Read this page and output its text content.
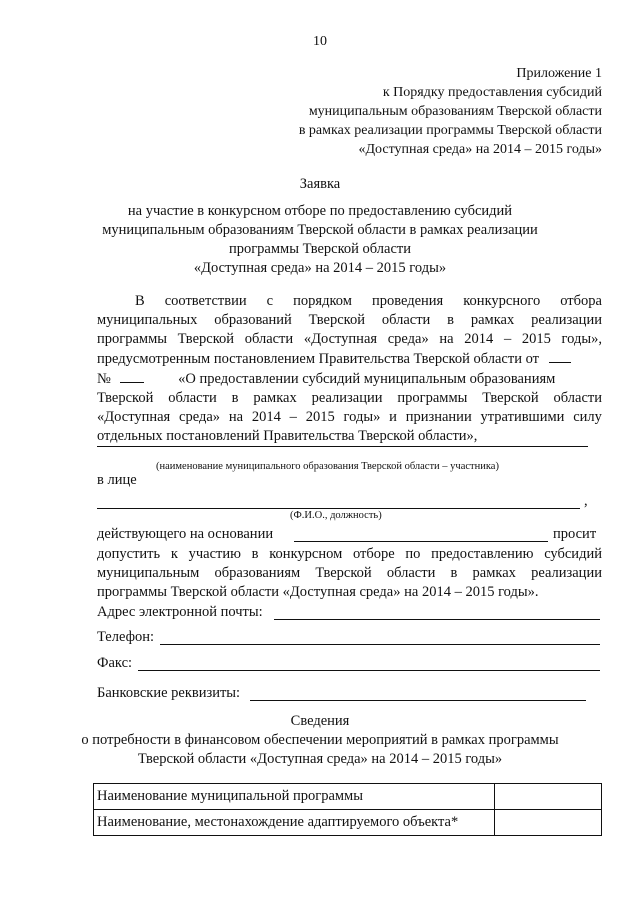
10
Приложение 1
к Порядку предоставления субсидий
муниципальным образованиям Тверской области
в рамках реализации программы Тверской области
«Доступная среда» на 2014 – 2015 годы»
Заявка
на участие в конкурсном отборе по предоставлению субсидий
муниципальным образованиям Тверской области в рамках реализации
программы Тверской области
«Доступная среда» на 2014 – 2015 годы»
В соответствии с порядком проведения конкурсного отбора
муниципальных образований Тверской области в рамках реализации
программы Тверской области «Доступная среда» на 2014 – 2015 годы»,
предусмотренным постановлением Правительства Тверской области от
№	«О предоставлении субсидий муниципальным образованиям
Тверской области в рамках реализации программы Тверской области
«Доступная среда» на 2014 – 2015 годы» и признании утратившими силу
отдельных постановлений Правительства Тверской области»,
(наименование муниципального образования Тверской области – участника)
в лице
,
(Ф.И.О., должность)
действующего на основании	просит
допустить к участию в конкурсном отборе по предоставлению субсидий
муниципальным образованиям Тверской области в рамках реализации
программы Тверской области «Доступная среда» на 2014 – 2015 годы».
Адрес электронной почты:
Телефон:
Факс:
Банковские реквизиты:
Сведения
о потребности в финансовом обеспечении мероприятий в рамках программы
Тверской области «Доступная среда» на 2014 – 2015 годы»
Наименование муниципальной программы	
Наименование, местонахождение адаптируемого объекта*	
